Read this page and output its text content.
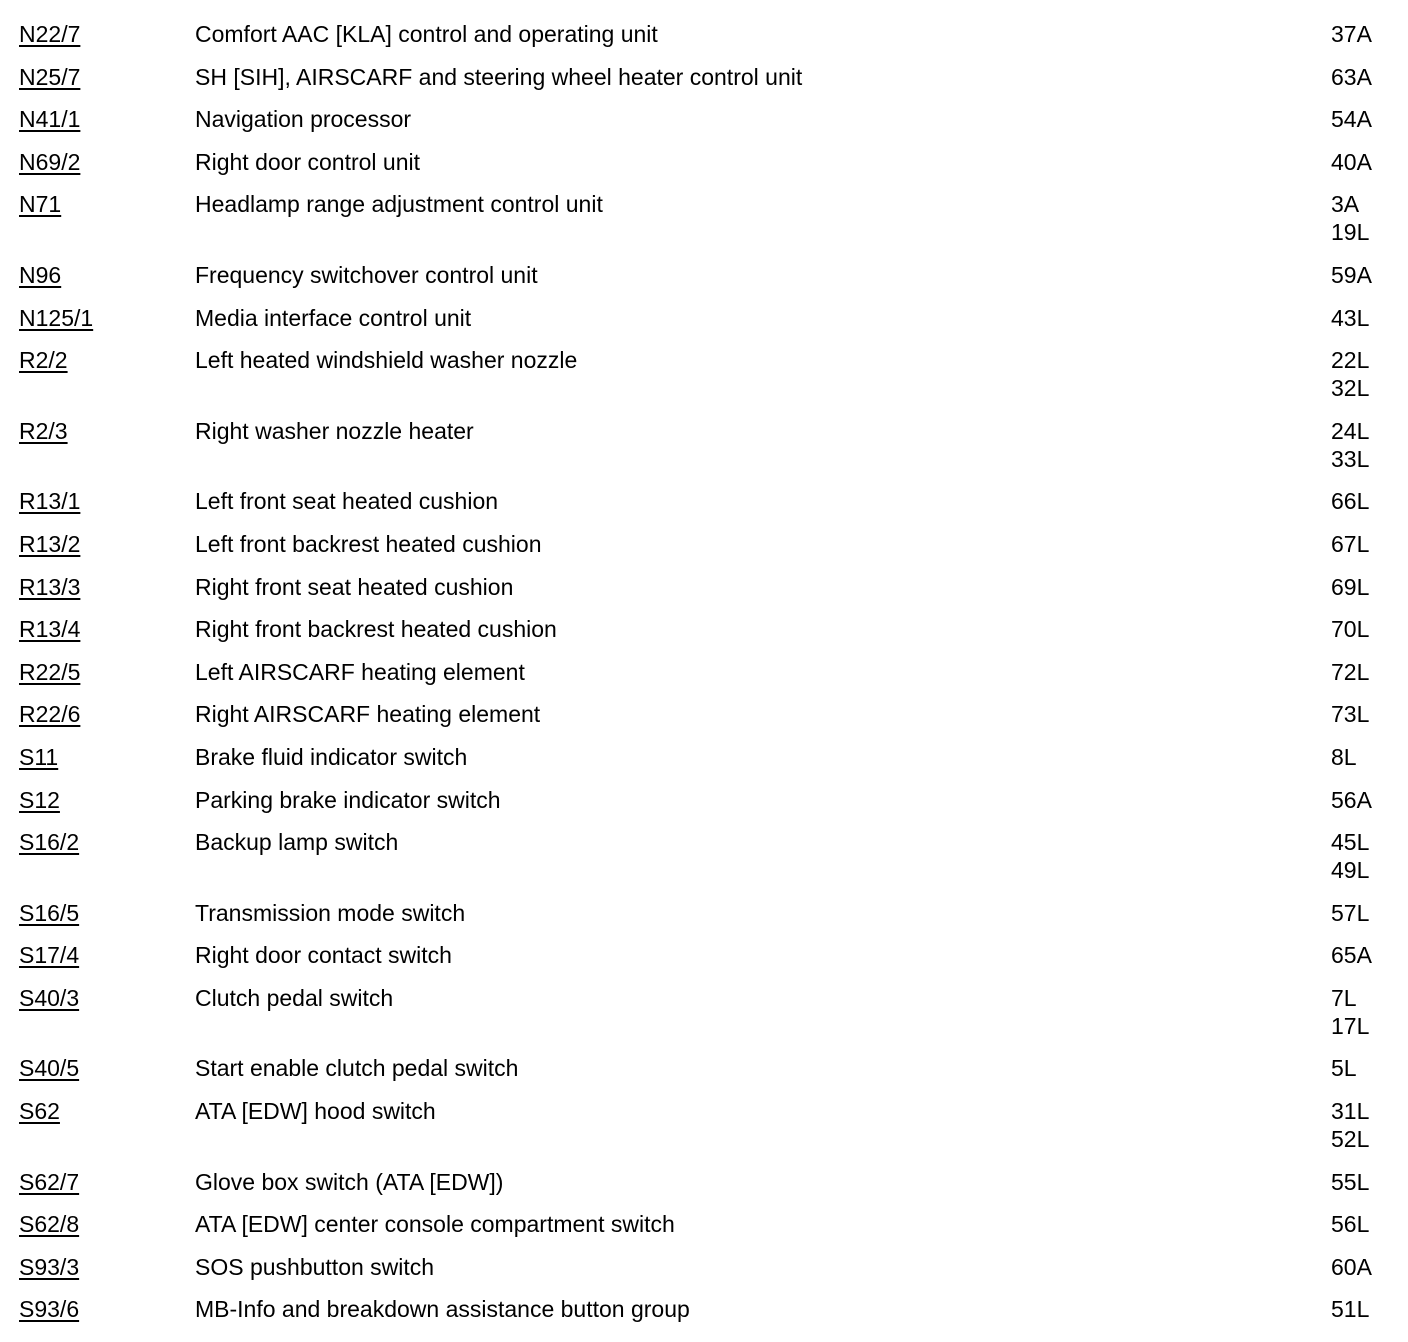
N22/7	Comfort AAC [KLA] control and operating unit	37A
N25/7	SH [SIH], AIRSCARF and steering wheel heater control unit	63A
N41/1	Navigation processor	54A
N69/2	Right door control unit	40A
N71	Headlamp range adjustment control unit	3A
19L
N96	Frequency switchover control unit	59A
N125/1	Media interface control unit	43L
R2/2	Left heated windshield washer nozzle	22L
32L
R2/3	Right washer nozzle heater	24L
33L
R13/1	Left front seat heated cushion	66L
R13/2	Left front backrest heated cushion	67L
R13/3	Right front seat heated cushion	69L
R13/4	Right front backrest heated cushion	70L
R22/5	Left AIRSCARF heating element	72L
R22/6	Right AIRSCARF heating element	73L
S11	Brake fluid indicator switch	8L
S12	Parking brake indicator switch	56A
S16/2	Backup lamp switch	45L
49L
S16/5	Transmission mode switch	57L
S17/4	Right door contact switch	65A
S40/3	Clutch pedal switch	7L
17L
S40/5	Start enable clutch pedal switch	5L
S62	ATA [EDW] hood switch	31L
52L
S62/7	Glove box switch (ATA [EDW])	55L
S62/8	ATA [EDW] center console compartment switch	56L
S93/3	SOS pushbutton switch	60A
S93/6	MB-Info and breakdown assistance button group	51L
